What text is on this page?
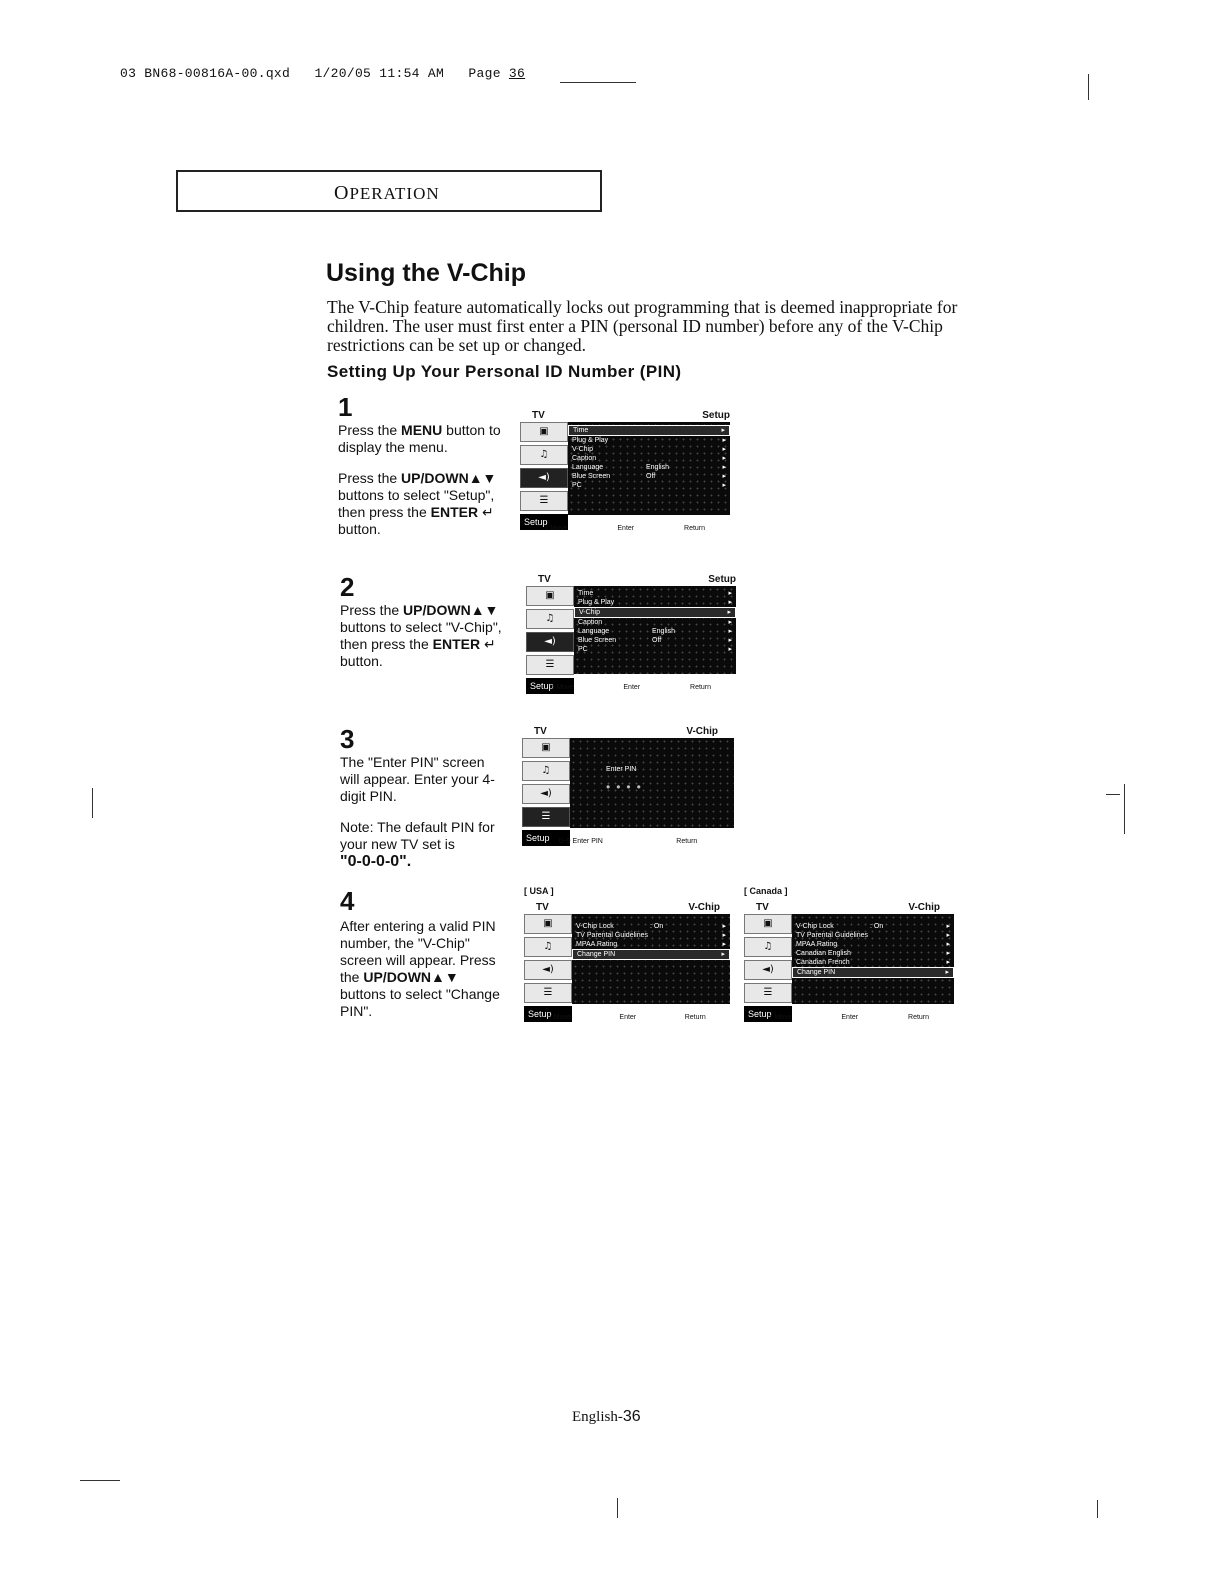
03 BN68-00816A-00.qxd 1/20/05 11:54 AM Page 36
OPERATION
Using the V-Chip
The V-Chip feature automatically locks out programming that is deemed inappropriate for children. The user must first enter a PIN (personal ID number) before any of the V-Chip restrictions can be set up or changed.
Setting Up Your Personal ID Number (PIN)
1

Press the MENU button to display the menu.

Press the UP/DOWN▲▼ buttons to select "Setup", then press the ENTER ↵ button.

2

Press the UP/DOWN▲▼ buttons to select "V-Chip", then press the ENTER ↵ button.

3

The "Enter PIN" screen will appear. Enter your 4-digit PIN.

Note: The default PIN for your new TV set is
"0-0-0-0".

4

After entering a valid PIN number, the "V-Chip" screen will appear. Press the UP/DOWN▲▼ buttons to select "Change PIN".

TV	Setup
▣
♫
◄)
☰
Setup
Time	▸
Plug & Play	▸
V-Chip	▸
Caption	▸
Language	English	▸
Blue Screen	Off	▸
PC	▸
↕ Move	Enter	Return
TV	Setup
▣
♫
◄)
☰
Setup
Time	▸
Plug & Play	▸
V-Chip	▸
Caption	▸
Language	English	▸
Blue Screen	Off	▸
PC	▸
↕ Move	Enter	Return
TV	V-Chip
▣
♫
◄)
☰
Setup
Enter PIN
••••
0~9 Enter PIN	Return
[ USA ]
TV	V-Chip
▣
♫
◄)
☰
Setup
V-Chip Lock	: On	▸
TV Parental Guidelines	▸
MPAA Rating	▸
Change PIN	▸
↕ Move	Enter	Return
[ Canada ]
TV	V-Chip
▣
♫
◄)
☰
Setup
V-Chip Lock	: On	▸
TV Parental Guidelines	▸
MPAA Rating	▸
Canadian English	▸
Canadian French	▸
Change PIN	▸
↕ Move	Enter	Return
English-36
